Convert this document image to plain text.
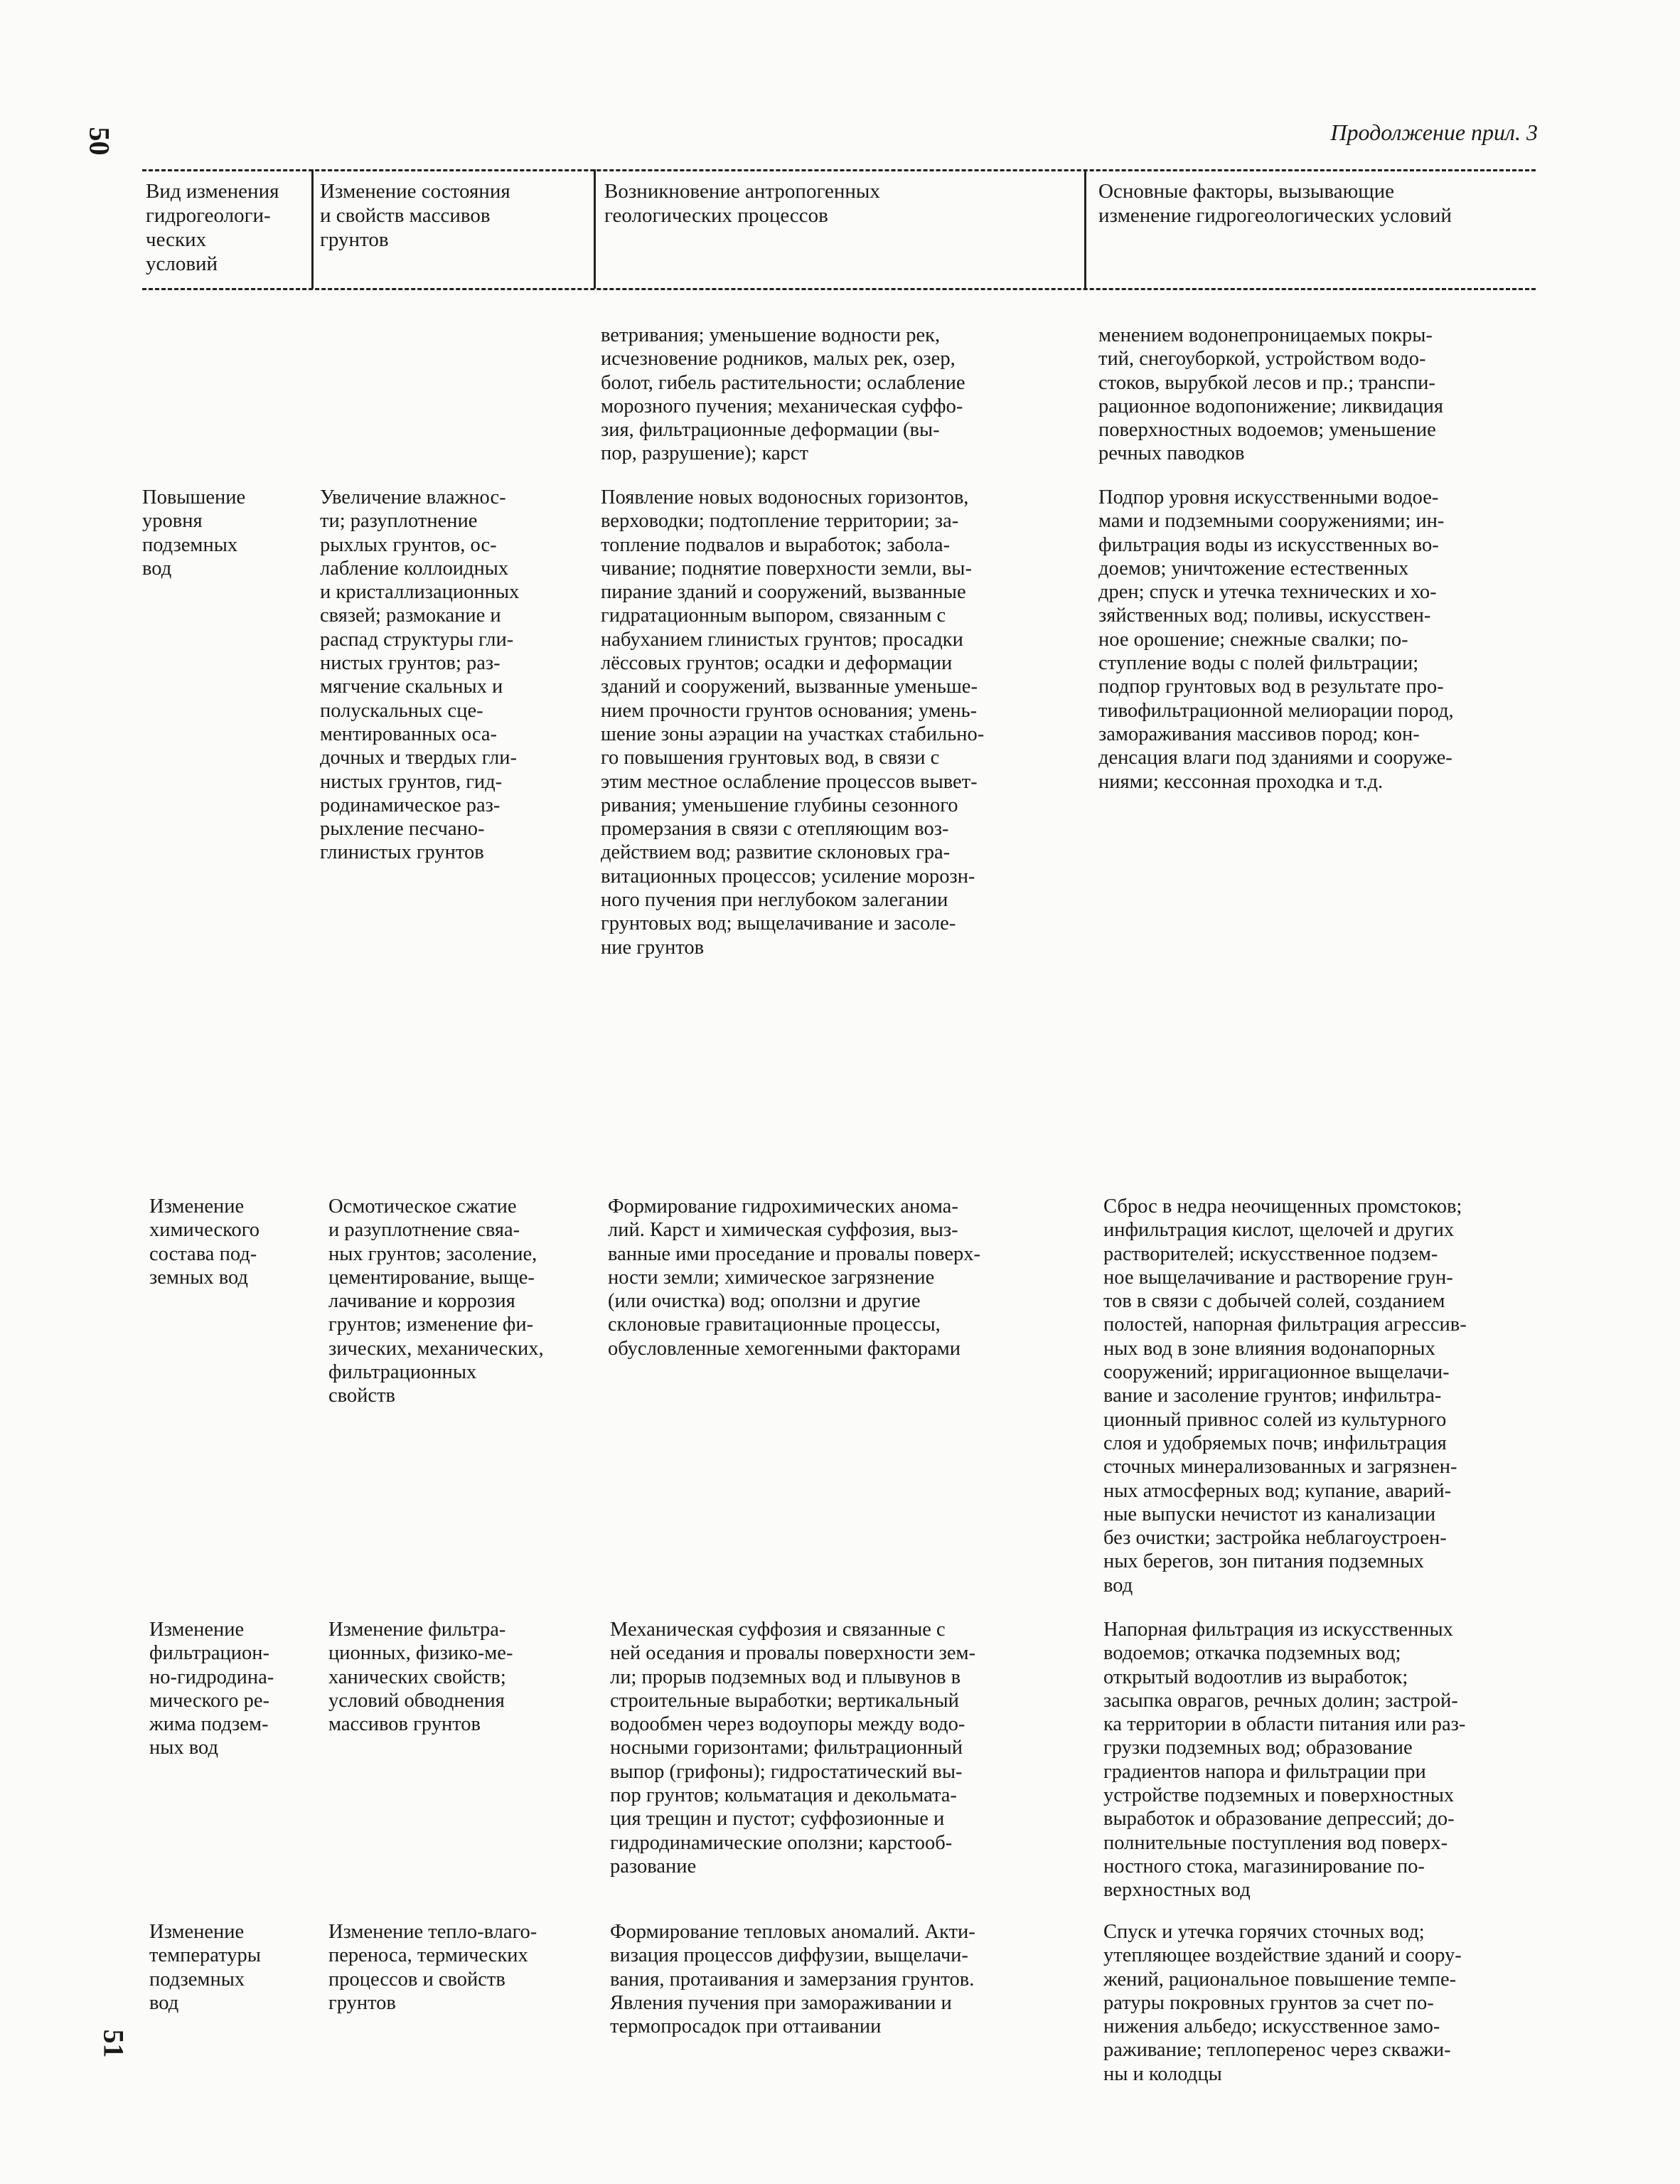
50	Продолжение прил. 3
Вид изменения
гидрогеологи-
ческих
условий
Изменение состояния
и свойств массивов
грунтов
Возникновение антропогенных
геологических процессов
Основные факторы, вызывающие
изменение гидрогеологических условий
ветривания; уменьшение водности рек,
исчезновение родников, малых рек, озер,
болот, гибель растительности; ослабление
морозного пучения; механическая суффо-
зия, фильтрационные деформации (вы-
пор, разрушение); карст
менением водонепроницаемых покры-
тий, снегоуборкой, устройством водо-
стоков, вырубкой лесов и пр.; транспи-
рационное водопонижение; ликвидация
поверхностных водоемов; уменьшение
речных паводков
Повышение
уровня
подземных
вод
Увеличение влажнос-
ти; разуплотнение
рыхлых грунтов, ос-
лабление коллоидных
и кристаллизационных
связей; размокание и
распад структуры гли-
нистых грунтов; раз-
мягчение скальных и
полускальных сце-
ментированных оса-
дочных и твердых гли-
нистых грунтов, гид-
родинамическое раз-
рыхление песчано-
глинистых грунтов
Появление новых водоносных горизонтов,
верховодки; подтопление территории; за-
топление подвалов и выработок; забола-
чивание; поднятие поверхности земли, вы-
пирание зданий и сооружений, вызванные
гидратационным выпором, связанным с
набуханием глинистых грунтов; просадки
лёссовых грунтов; осадки и деформации
зданий и сооружений, вызванные уменьше-
нием прочности грунтов основания; умень-
шение зоны аэрации на участках стабильно-
го повышения грунтовых вод, в связи с
этим местное ослабление процессов вывет-
ривания; уменьшение глубины сезонного
промерзания в связи с отепляющим воз-
действием вод; развитие склоновых гра-
витационных процессов; усиление морозн-
ного пучения при неглубоком залегании
грунтовых вод; выщелачивание и засоле-
ние грунтов
Подпор уровня искусственными водое-
мами и подземными сооружениями; ин-
фильтрация воды из искусственных во-
доемов; уничтожение естественных
дрен; спуск и утечка технических и хо-
зяйственных вод; поливы, искусствен-
ное орошение; снежные свалки; по-
ступление воды с полей фильтрации;
подпор грунтовых вод в результате про-
тивофильтрационной мелиорации пород,
замораживания массивов пород; кон-
денсация влаги под зданиями и сооруже-
ниями; кессонная проходка и т.д.
Изменение
химического
состава под-
земных вод
Осмотическое сжатие
и разуплотнение свяа-
ных грунтов; засоление,
цементирование, выще-
лачивание и коррозия
грунтов; изменение фи-
зических, механических,
фильтрационных
свойств
Формирование гидрохимических анома-
лий. Карст и химическая суффозия, выз-
ванные ими проседание и провалы поверх-
ности земли; химическое загрязнение
(или очистка) вод; оползни и другие
склоновые гравитационные процессы,
обусловленные хемогенными факторами
Сброс в недра неочищенных промстоков;
инфильтрация кислот, щелочей и других
растворителей; искусственное подзем-
ное выщелачивание и растворение грун-
тов в связи с добычей солей, созданием
полостей, напорная фильтрация агрессив-
ных вод в зоне влияния водонапорных
сооружений; ирригационное выщелачи-
вание и засоление грунтов; инфильтра-
ционный привнос солей из культурного
слоя и удобряемых почв; инфильтрация
сточных минерализованных и загрязнен-
ных атмосферных вод; купание, аварий-
ные выпуски нечистот из канализации
без очистки; застройка неблагоустроен-
ных берегов, зон питания подземных
вод
Изменение
фильтрацион-
но-гидродина-
мического ре-
жима подзем-
ных вод
Изменение фильтра-
ционных, физико-ме-
ханических свойств;
условий обводнения
массивов грунтов
Механическая суффозия и связанные с
ней оседания и провалы поверхности зем-
ли; прорыв подземных вод и плывунов в
строительные выработки; вертикальный
водообмен через водоупоры между водо-
носными горизонтами; фильтрационный
выпор (грифоны); гидростатический вы-
пор грунтов; кольматация и декольмата-
ция трещин и пустот; суффозионные и
гидродинамические оползни; карстооб-
разование
Напорная фильтрация из искусственных
водоемов; откачка подземных вод;
открытый водоотлив из выработок;
засыпка оврагов, речных долин; застрой-
ка территории в области питания или раз-
грузки подземных вод; образование
градиентов напора и фильтрации при
устройстве подземных и поверхностных
выработок и образование депрессий; до-
полнительные поступления вод поверх-
ностного стока, магазинирование по-
верхностных вод
Изменение
температуры
подземных
вод
Изменение тепло-влаго-
переноса, термических
процессов и свойств
грунтов
Формирование тепловых аномалий. Акти-
визация процессов диффузии, выщелачи-
вания, протаивания и замерзания грунтов.
Явления пучения при замораживании и
термопросадок при оттаивании
Спуск и утечка горячих сточных вод;
утепляющее воздействие зданий и соору-
жений, рациональное повышение темпе-
ратуры покровных грунтов за счет по-
нижения альбедо; искусственное замо-
раживание; теплоперенос через скважи-
ны и колодцы
51
